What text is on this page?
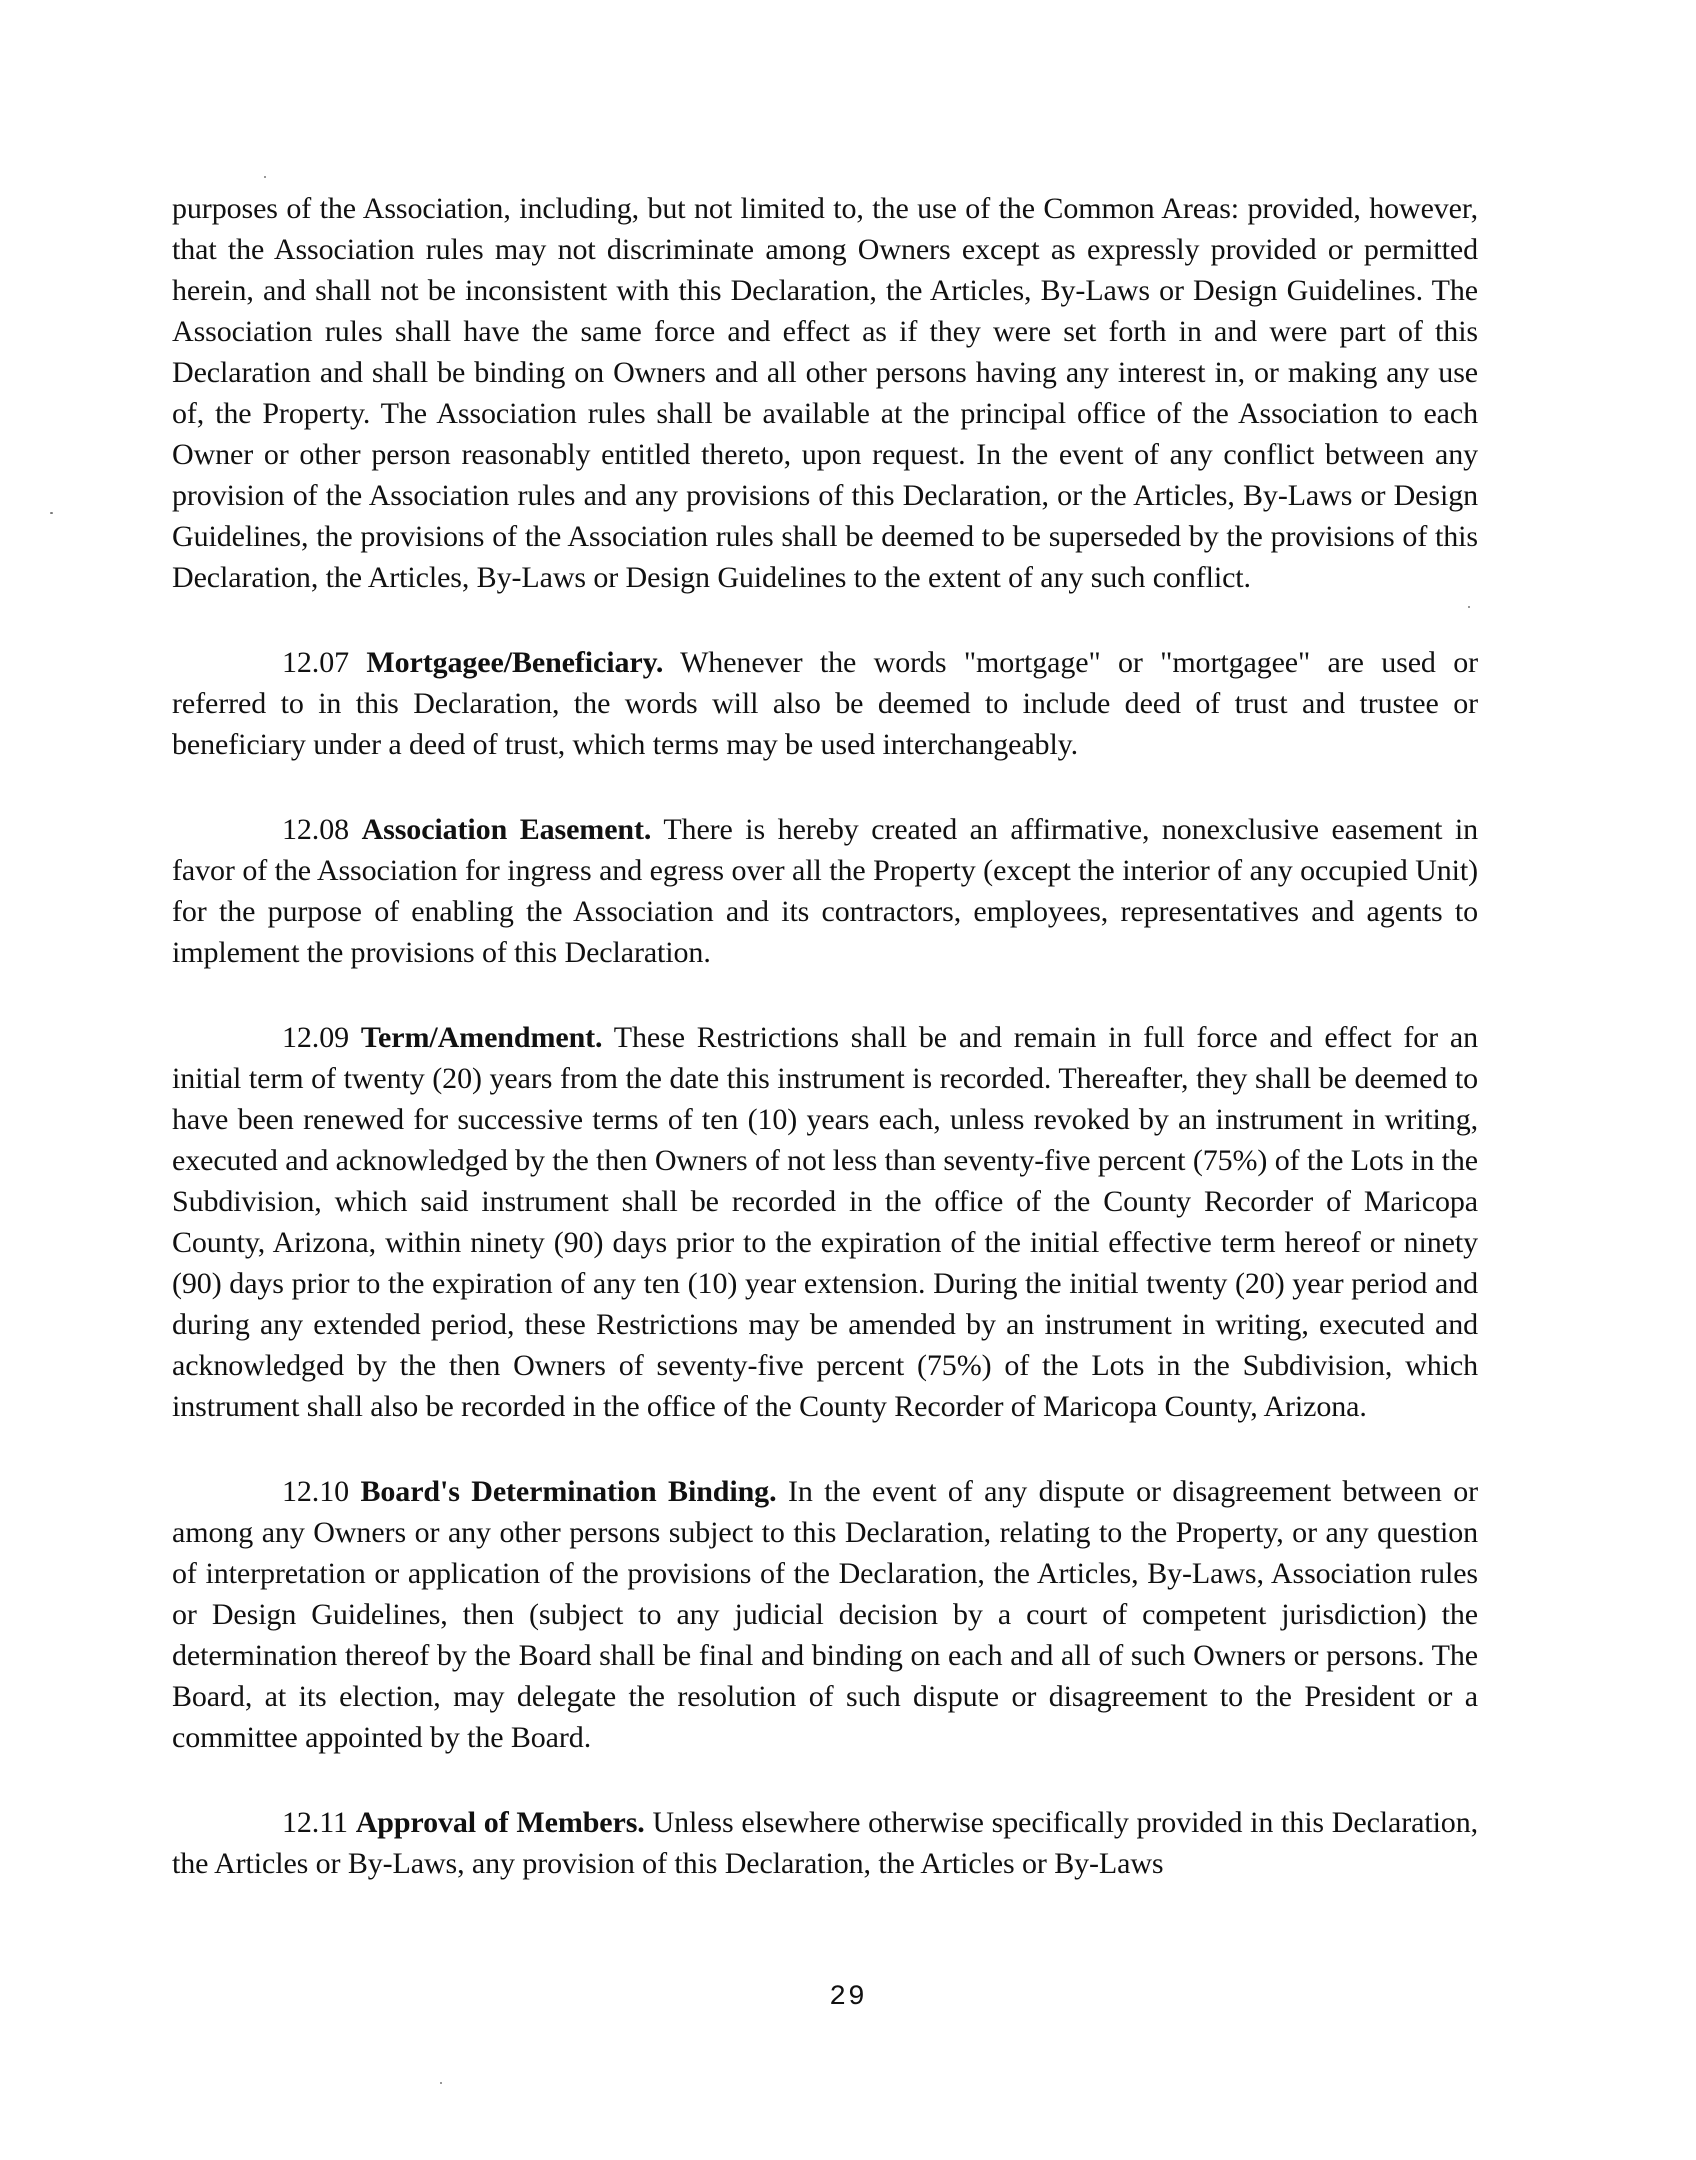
purposes of the Association, including, but not limited to, the use of the Common Areas: provided, however, that the Association rules may not discriminate among Owners except as expressly provided or permitted herein, and shall not be inconsistent with this Declaration, the Articles, By-Laws or Design Guidelines. The Association rules shall have the same force and effect as if they were set forth in and were part of this Declaration and shall be binding on Owners and all other persons having any interest in, or making any use of, the Property. The Association rules shall be available at the principal office of the Association to each Owner or other person reasonably entitled thereto, upon request. In the event of any conflict between any provision of the Association rules and any provisions of this Declaration, or the Articles, By-Laws or Design Guidelines, the provisions of the Association rules shall be deemed to be superseded by the provisions of this Declaration, the Articles, By-Laws or Design Guidelines to the extent of any such conflict.

12.07 Mortgagee/Beneficiary. Whenever the words "mortgage" or "mortgagee" are used or referred to in this Declaration, the words will also be deemed to include deed of trust and trustee or beneficiary under a deed of trust, which terms may be used interchangeably.

12.08 Association Easement. There is hereby created an affirmative, nonexclusive easement in favor of the Association for ingress and egress over all the Property (except the interior of any occupied Unit) for the purpose of enabling the Association and its contractors, employees, representatives and agents to implement the provisions of this Declaration.

12.09 Term/Amendment. These Restrictions shall be and remain in full force and effect for an initial term of twenty (20) years from the date this instrument is recorded. Thereafter, they shall be deemed to have been renewed for successive terms of ten (10) years each, unless revoked by an instrument in writing, executed and acknowledged by the then Owners of not less than seventy-five percent (75%) of the Lots in the Subdivision, which said instrument shall be recorded in the office of the County Recorder of Maricopa County, Arizona, within ninety (90) days prior to the expiration of the initial effective term hereof or ninety (90) days prior to the expiration of any ten (10) year extension. During the initial twenty (20) year period and during any extended period, these Restrictions may be amended by an instrument in writing, executed and acknowledged by the then Owners of seventy-five percent (75%) of the Lots in the Subdivision, which instrument shall also be recorded in the office of the County Recorder of Maricopa County, Arizona.

12.10 Board's Determination Binding. In the event of any dispute or disagreement between or among any Owners or any other persons subject to this Declaration, relating to the Property, or any question of interpretation or application of the provisions of the Declaration, the Articles, By-Laws, Association rules or Design Guidelines, then (subject to any judicial decision by a court of competent jurisdiction) the determination thereof by the Board shall be final and binding on each and all of such Owners or persons. The Board, at its election, may delegate the resolution of such dispute or disagreement to the President or a committee appointed by the Board.

12.11 Approval of Members. Unless elsewhere otherwise specifically provided in this Declaration, the Articles or By-Laws, any provision of this Declaration, the Articles or By-Laws

29
